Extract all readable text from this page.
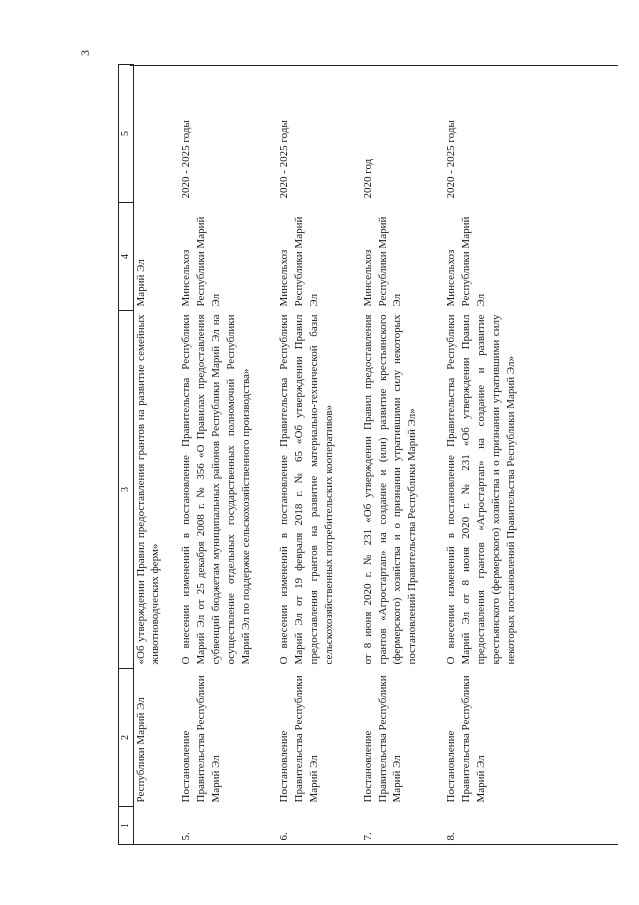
3
1	2	3	4	5
	Республики Марий Эл	«Об утверждении Правил предоставления грантов на развитие семейных животноводческих ферм»	Марий Эл	
5.	Постановление Правительства Республики Марий Эл	О внесении изменений в постановление Правительства Республики Марий Эл от 25 декабря 2008 г. № 356 «О Правилах предоставления субвенций бюджетам муниципальных районов Республики Марий Эл на осуществление отдельных государственных полномочий Республики Марий Эл по поддержке сельскохозяйственного производства»	Минсельхоз Республики Марий Эл	2020 - 2025 годы
6.	Постановление Правительства Республики Марий Эл	О внесении изменений в постановление Правительства Республики Марий Эл от 19 февраля 2018 г. № 65 «Об утверждении Правил предоставления грантов на развитие материально-технической базы сельскохозяйственных потребительских кооперативов»	Минсельхоз Республики Марий Эл	2020 - 2025 годы
7.	Постановление Правительства Республики Марий Эл	от 8 июня 2020 г. № 231 «Об утверждении Правил предоставления грантов «Агростартап» на создание и (или) развитие крестьянского (фермерского) хозяйства и о признании утратившими силу некоторых постановлений Правительства Республики Марий Эл»	Минсельхоз Республики Марий Эл	2020 год
8.	Постановление Правительства Республики Марий Эл	О внесении изменений в постановление Правительства Республики Марий Эл от 8 июня 2020 г. № 231 «Об утверждении Правил предоставления грантов «Агростартап» на создание и развитие крестьянского (фермерского) хозяйства и о признании утратившими силу некоторых постановлений Правительства Республики Марий Эл»	Минсельхоз Республики Марий Эл	2020 - 2025 годы
